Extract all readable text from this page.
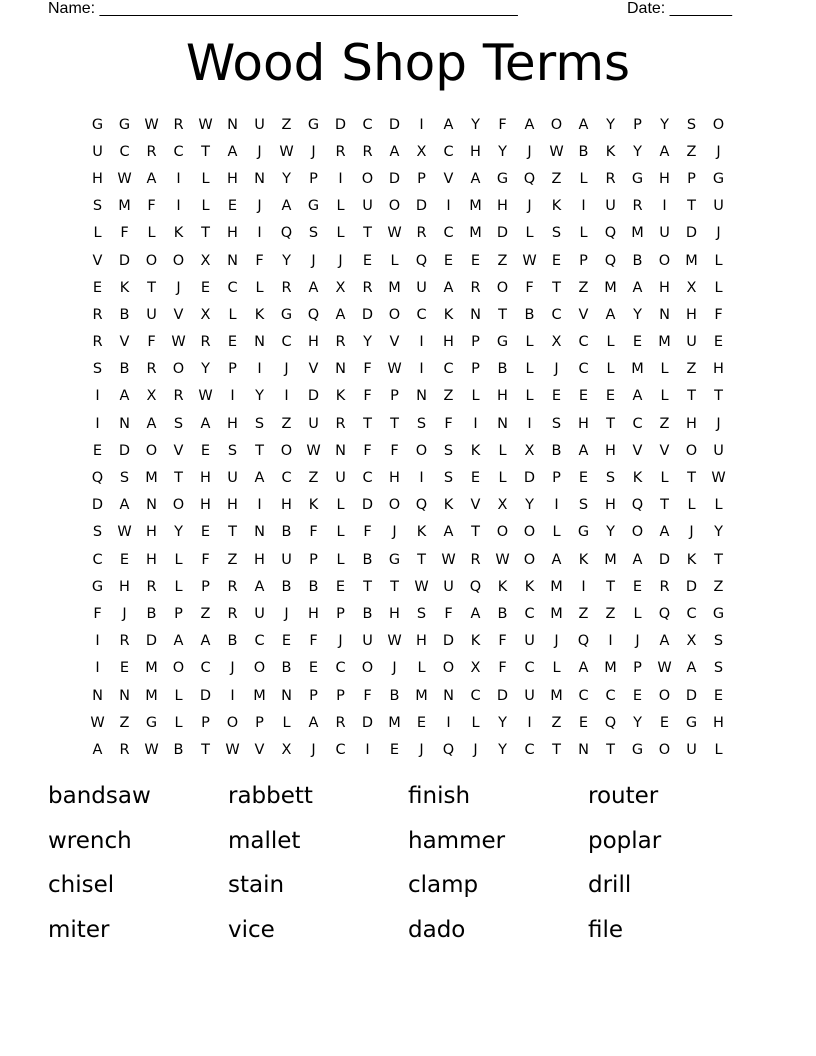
Name: _______________________________________________	Date: _______
Wood Shop Terms
G	G W	R	W N	U	Z	G	D	C	D	I	A	Y	F	A	O	A	Y	P	Y	S	O
U	C	R	C	T	A	J	W	J	R	R	A	X	C	H	Y	J	W	B	K	Y	A	Z	J
H W	A	I	L	H	N	Y	P	I	O	D	P	V	A	G	Q	Z	L	R	G	H	P	G
S	M	F	I	L	E	J	A	G	L	U	O	D	I	M	H	J	K	I	U	R	I	T	U
L	F	L	K	T	H	I	Q	S	L	T	W	R	C	M	D	L	S	L	Q	M	U	D	J
V	D	O	O	X	N	F	Y	J	J	E	L	Q	E	E	Z	W	E	P	Q	B	O	M	L
E	K	T	J	E	C	L	R	A	X	R	M	U	A	R	O	F	T	Z	M	A	H	X	L
R	B	U	V	X	L	K	G	Q	A	D	O	C	K	N	T	B	C	V	A	Y	N	H	F
R	V	F	W	R	E	N	C	H	R	Y	V	I	H	P	G	L	X	C	L	E	M	U	E
S	B	R	O	Y	P	I	J	V	N	F	W	I	C	P	B	L	J	C	L	M	L	Z	H
I	A	X	R	W	I	Y	I	D	K	F	P	N	Z	L	H	L	E	E	E	A	L	T	T
I	N	A	S	A	H	S	Z	U	R	T	T	S	F	I	N	I	S	H	T	C	Z	H	J
E	D	O	V	E	S	T	O W N	F	F	O	S	K	L	X	B	A	H	V	V	O	U
Q	S	M	T	H	U	A	C	Z	U	C	H	I	S	E	L	D	P	E	S	K	L	T	W
D	A	N	O	H	H	I	H	K	L	D	O	Q	K	V	X	Y	I	S	H	Q	T	L	L
S	W H	Y	E	T	N	B	F	L	F	J	K	A	T	O	O	L	G	Y	O	A	J	Y
C	E	H	L	F	Z	H	U	P	L	B	G	T	W	R	W O	A	K	M	A	D	K	T
G	H	R	L	P	R	A	B	B	E	T	T	W	U	Q	K	K	M	I	T	E	R	D	Z
F	J	B	P	Z	R	U	J	H	P	B	H	S	F	A	B	C	M	Z	Z	L	Q	C	G
I	R	D	A	A	B	C	E	F	J	U	W H	D	K	F	U	J	Q	I	J	A	X	S
I	E	M	O	C	J	O	B	E	C	O	J	L	O	X	F	C	L	A	M	P	W	A	S
N	N	M	L	D	I	M	N	P	P	F	B	M	N	C	D	U	M	C	C	E	O	D	E
W	Z	G	L	P	O	P	L	A	R	D	M	E	I	L	Y	I	Z	E	Q	Y	E	G	H
A	R	W	B	T	W	V	X	J	C	I	E	J	Q	J	Y	C	T	N	T	G	O	U	L
bandsaw	rabbett	finish	router
wrench	mallet	hammer	poplar
chisel	stain	clamp	drill
miter	vice	dado	file
